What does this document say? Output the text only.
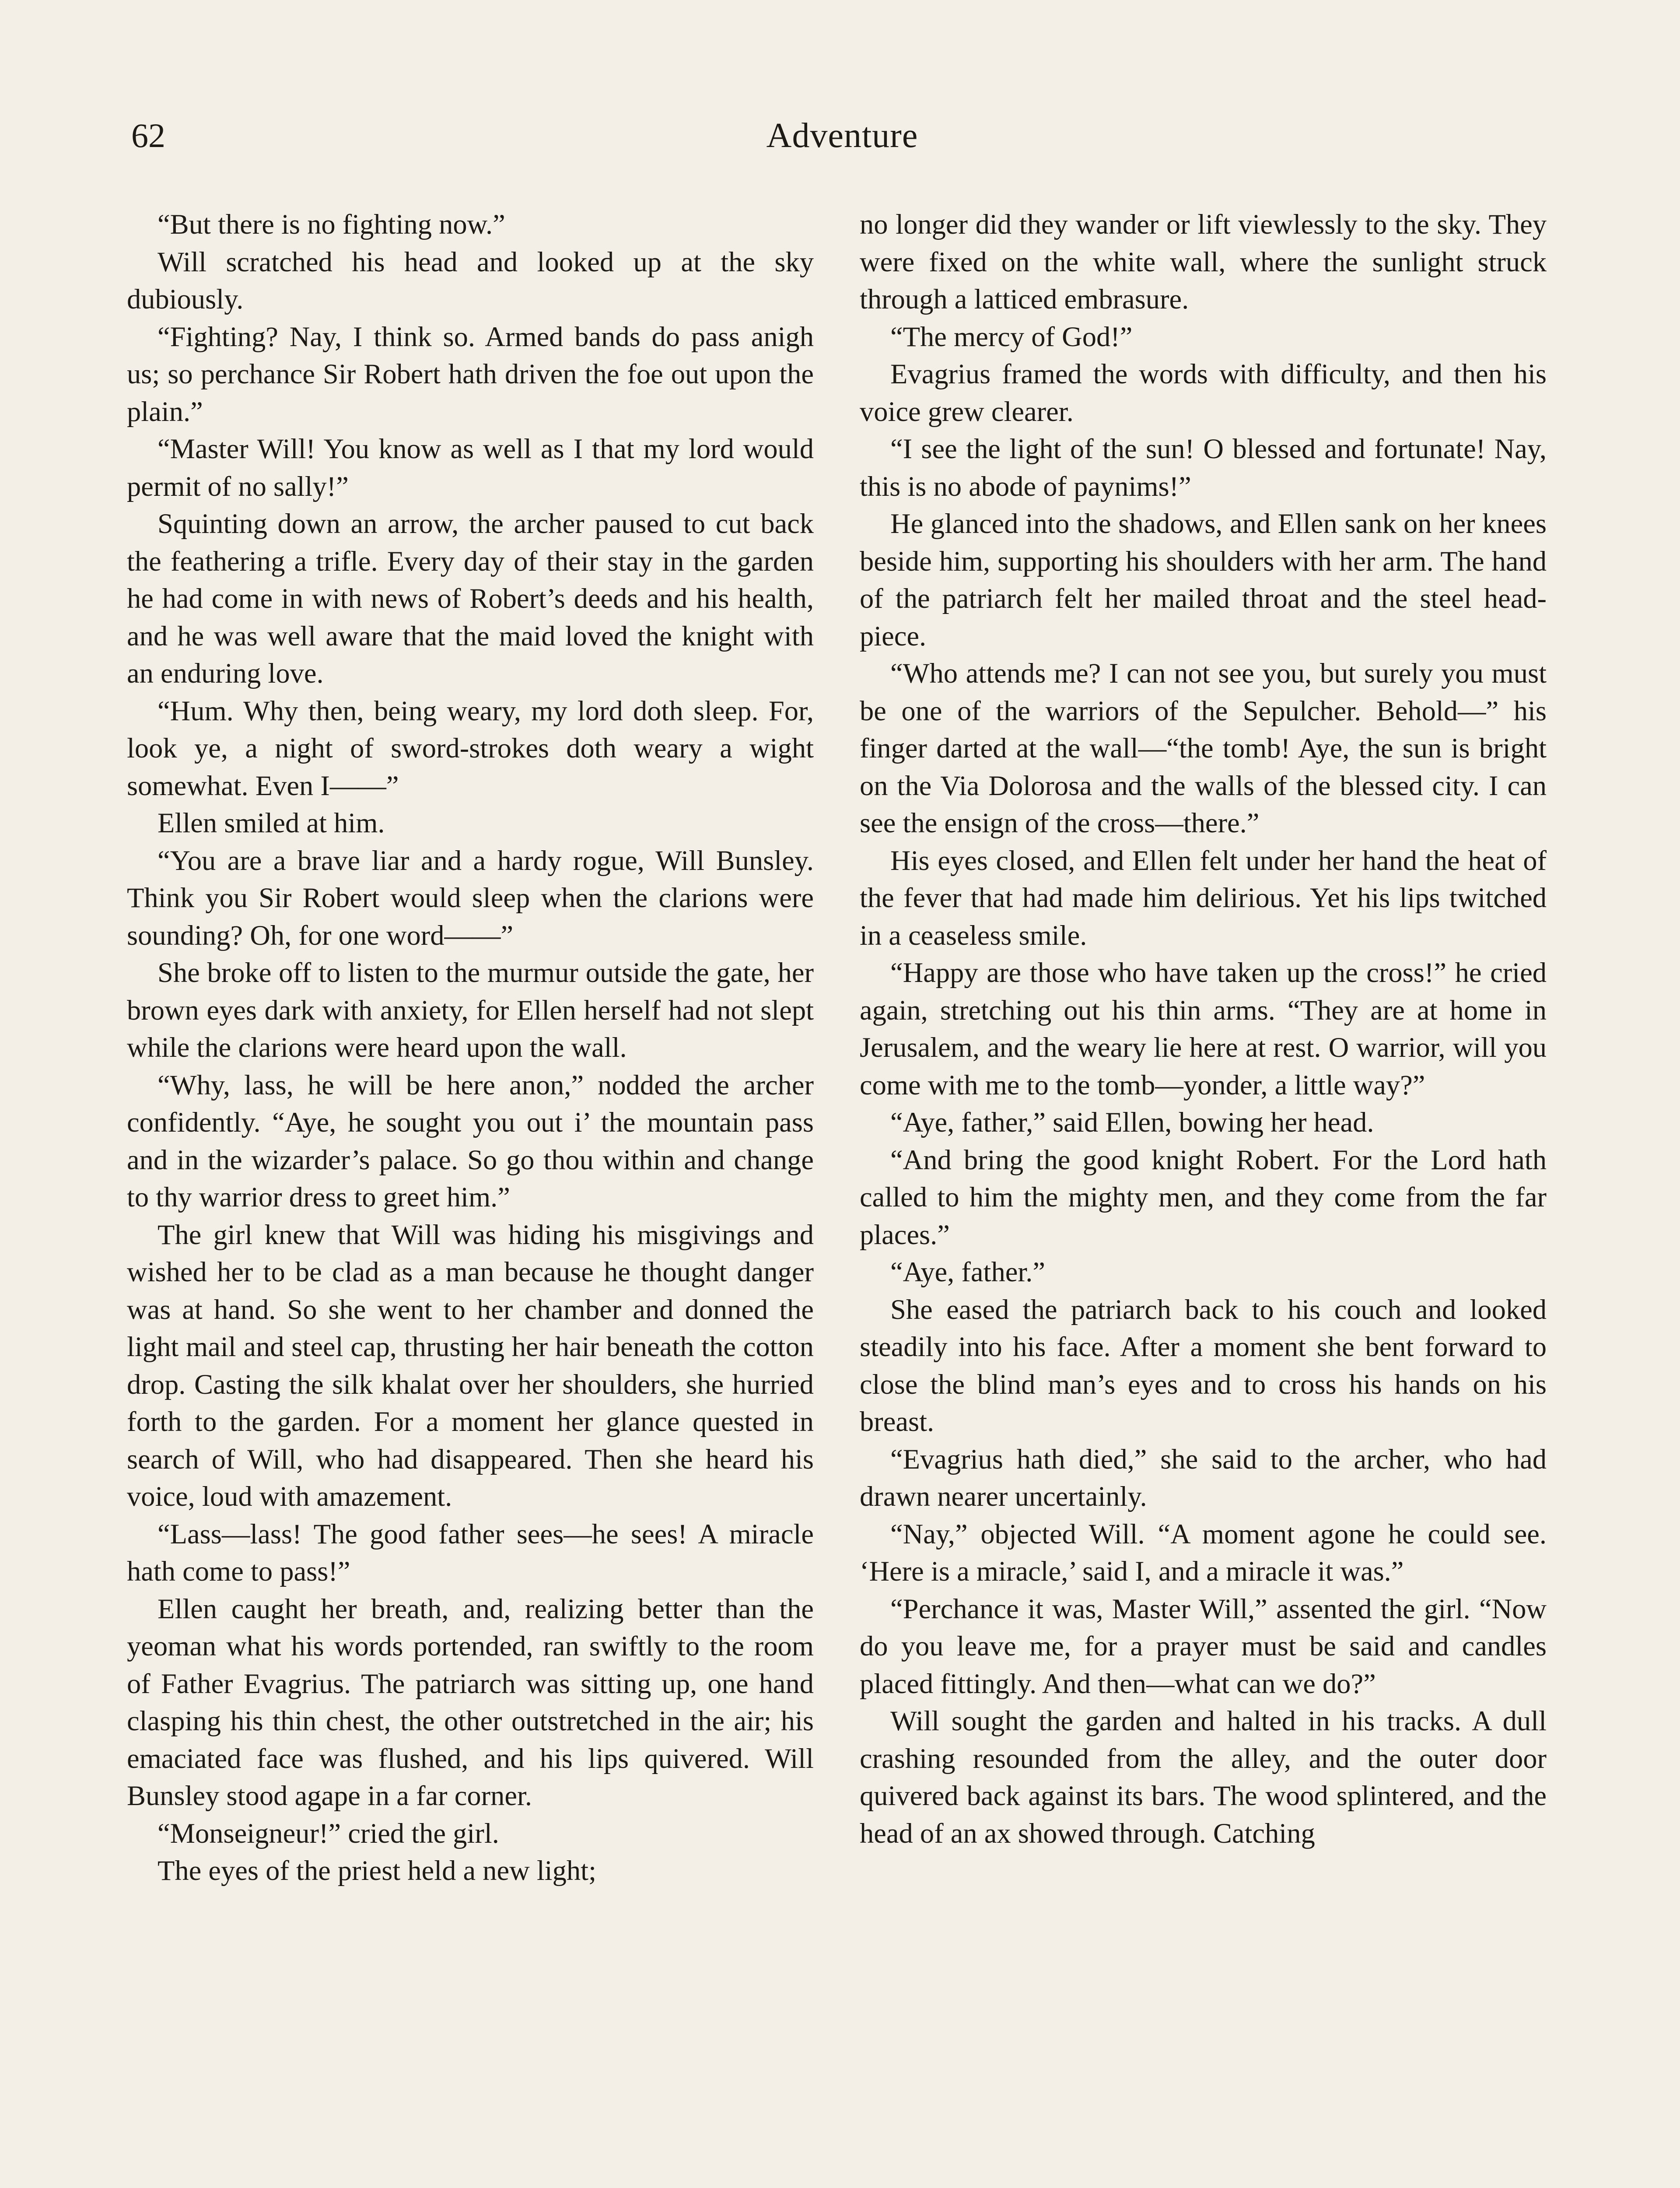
Adventure
62

“But there is no fighting now.”

Will scratched his head and looked up at the sky dubiously.

“Fighting? Nay, I think so. Armed bands do pass anigh us; so perchance Sir Robert hath driven the foe out upon the plain.”

“Master Will! You know as well as I that my lord would permit of no sally!”

Squinting down an arrow, the archer paused to cut back the feathering a trifle. Every day of their stay in the garden he had come in with news of Robert’s deeds and his health, and he was well aware that the maid loved the knight with an enduring love.

“Hum. Why then, being weary, my lord doth sleep. For, look ye, a night of sword-strokes doth weary a wight somewhat. Even I——”

Ellen smiled at him.

“You are a brave liar and a hardy rogue, Will Bunsley. Think you Sir Robert would sleep when the clarions were sounding? Oh, for one word——”

She broke off to listen to the murmur outside the gate, her brown eyes dark with anxiety, for Ellen herself had not slept while the clarions were heard upon the wall.

“Why, lass, he will be here anon,” nodded the archer confidently. “Aye, he sought you out i’ the mountain pass and in the wizarder’s palace. So go thou within and change to thy warrior dress to greet him.”

The girl knew that Will was hiding his misgivings and wished her to be clad as a man because he thought danger was at hand. So she went to her chamber and donned the light mail and steel cap, thrusting her hair beneath the cotton drop. Casting the silk khalat over her shoulders, she hurried forth to the garden. For a moment her glance quested in search of Will, who had disappeared. Then she heard his voice, loud with amazement.

“Lass—lass! The good father sees—he sees! A miracle hath come to pass!”

Ellen caught her breath, and, realizing better than the yeoman what his words portended, ran swiftly to the room of Father Evagrius. The patriarch was sitting up, one hand clasping his thin chest, the other outstretched in the air; his emaciated face was flushed, and his lips quivered. Will Bunsley stood agape in a far corner.

“Monseigneur!” cried the girl.

The eyes of the priest held a new light;

no longer did they wander or lift viewlessly to the sky. They were fixed on the white wall, where the sunlight struck through a latticed embrasure.

“The mercy of God!”

Evagrius framed the words with difficulty, and then his voice grew clearer.

“I see the light of the sun! O blessed and fortunate! Nay, this is no abode of paynims!”

He glanced into the shadows, and Ellen sank on her knees beside him, supporting his shoulders with her arm. The hand of the patriarch felt her mailed throat and the steel head-piece.

“Who attends me? I can not see you, but surely you must be one of the warriors of the Sepulcher. Behold—” his finger darted at the wall—“the tomb! Aye, the sun is bright on the Via Dolorosa and the walls of the blessed city. I can see the ensign of the cross—there.”

His eyes closed, and Ellen felt under her hand the heat of the fever that had made him delirious. Yet his lips twitched in a ceaseless smile.

“Happy are those who have taken up the cross!” he cried again, stretching out his thin arms. “They are at home in Jerusalem, and the weary lie here at rest. O warrior, will you come with me to the tomb—yonder, a little way?”

“Aye, father,” said Ellen, bowing her head.

“And bring the good knight Robert. For the Lord hath called to him the mighty men, and they come from the far places.”

“Aye, father.”

She eased the patriarch back to his couch and looked steadily into his face. After a moment she bent forward to close the blind man’s eyes and to cross his hands on his breast.

“Evagrius hath died,” she said to the archer, who had drawn nearer uncertainly.

“Nay,” objected Will. “A moment agone he could see. ‘Here is a miracle,’ said I, and a miracle it was.”

“Perchance it was, Master Will,” assented the girl. “Now do you leave me, for a prayer must be said and candles placed fittingly. And then—what can we do?”

Will sought the garden and halted in his tracks. A dull crashing resounded from the alley, and the outer door quivered back against its bars. The wood splintered, and the head of an ax showed through. Catching
